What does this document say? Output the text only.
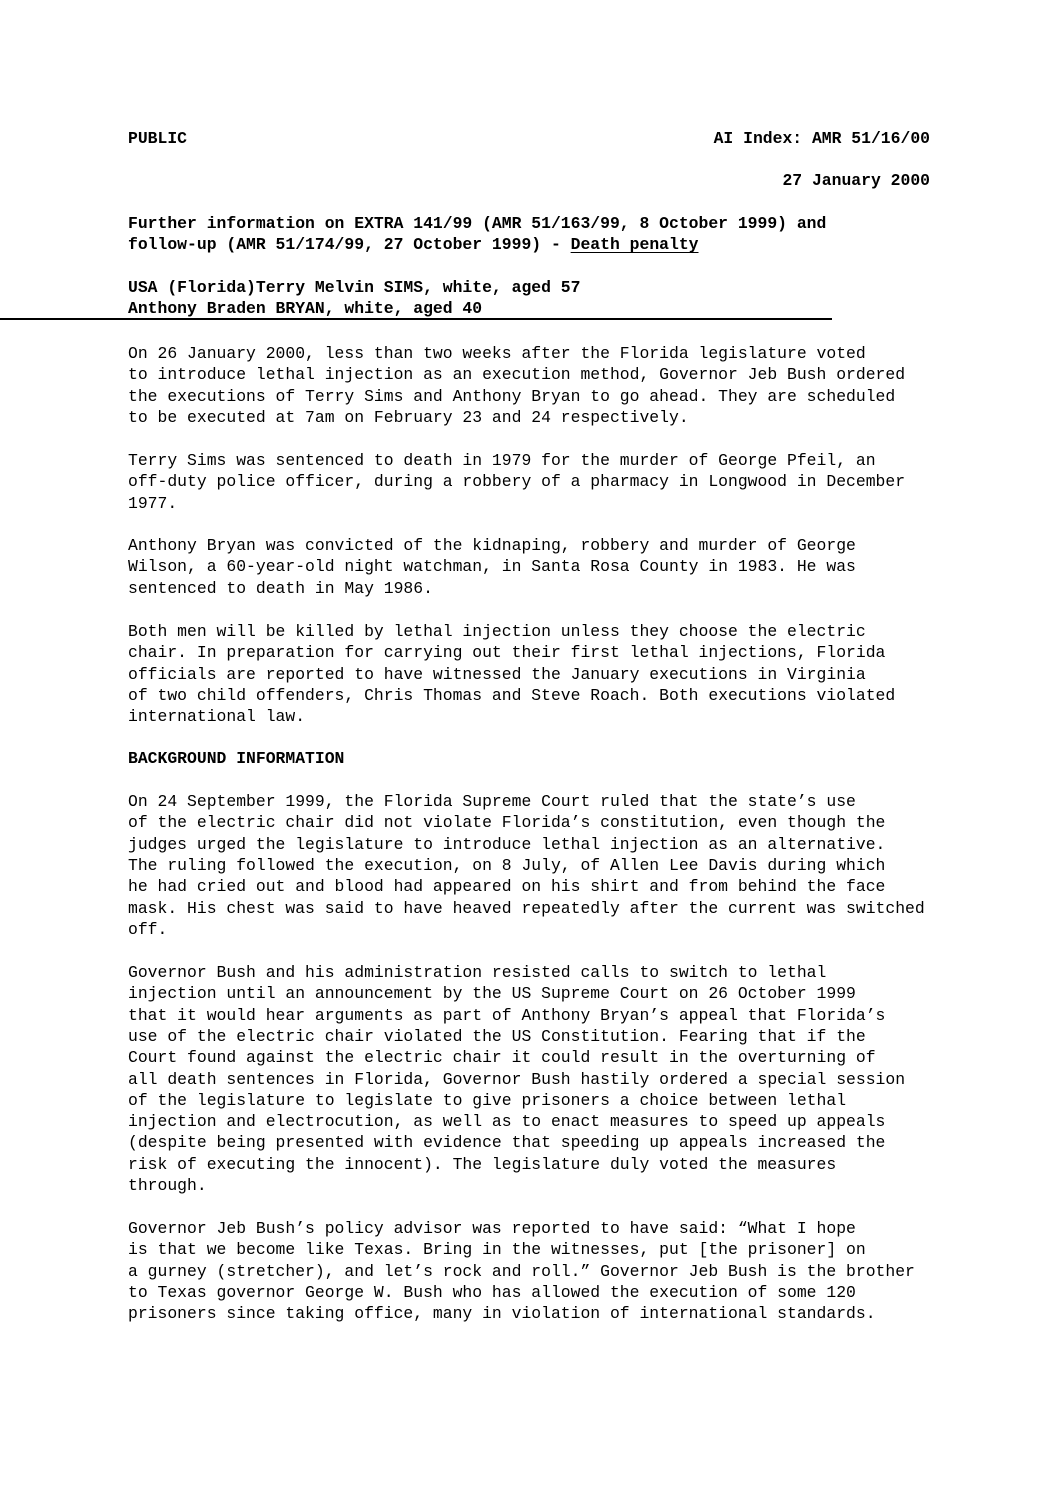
PUBLIC	AI Index: AMR 51/16/00
27 January 2000
Further information on EXTRA 141/99 (AMR 51/163/99, 8 October 1999) and
follow-up (AMR 51/174/99, 27 October 1999) - Death penalty
USA (Florida)Terry Melvin SIMS, white, aged 57
Anthony Braden BRYAN, white, aged 40
On 26 January 2000, less than two weeks after the Florida legislature voted
to introduce lethal injection as an execution method, Governor Jeb Bush ordered
the executions of Terry Sims and Anthony Bryan to go ahead. They are scheduled
to be executed at 7am on February 23 and 24 respectively.
Terry Sims was sentenced to death in 1979 for the murder of George Pfeil, an
off-duty police officer, during a robbery of a pharmacy in Longwood in December
1977.
Anthony Bryan was convicted of the kidnaping, robbery and murder of George
Wilson, a 60-year-old night watchman, in Santa Rosa County in 1983. He was
sentenced to death in May 1986.
Both men will be killed by lethal injection unless they choose the electric
chair. In preparation for carrying out their first lethal injections, Florida
officials are reported to have witnessed the January executions in Virginia
of two child offenders, Chris Thomas and Steve Roach. Both executions violated
international law.
BACKGROUND INFORMATION
On 24 September 1999, the Florida Supreme Court ruled that the state’s use
of the electric chair did not violate Florida’s constitution, even though the
judges urged the legislature to introduce lethal injection as an alternative.
The ruling followed the execution, on 8 July, of Allen Lee Davis during which
he had cried out and blood had appeared on his shirt and from behind the face
mask. His chest was said to have heaved repeatedly after the current was switched
off.
Governor Bush and his administration resisted calls to switch to lethal
injection until an announcement by the US Supreme Court on 26 October 1999
that it would hear arguments as part of Anthony Bryan’s appeal that Florida’s
use of the electric chair violated the US Constitution. Fearing that if the
Court found against the electric chair it could result in the overturning of
all death sentences in Florida, Governor Bush hastily ordered a special session
of the legislature to legislate to give prisoners a choice between lethal
injection and electrocution, as well as to enact measures to speed up appeals
(despite being presented with evidence that speeding up appeals increased the
risk of executing the innocent). The legislature duly voted the measures
through.
Governor Jeb Bush’s policy advisor was reported to have said: “What I hope
is that we become like Texas. Bring in the witnesses, put [the prisoner] on
a gurney (stretcher), and let’s rock and roll.” Governor Jeb Bush is the brother
to Texas governor George W. Bush who has allowed the execution of some 120
prisoners since taking office, many in violation of international standards.
